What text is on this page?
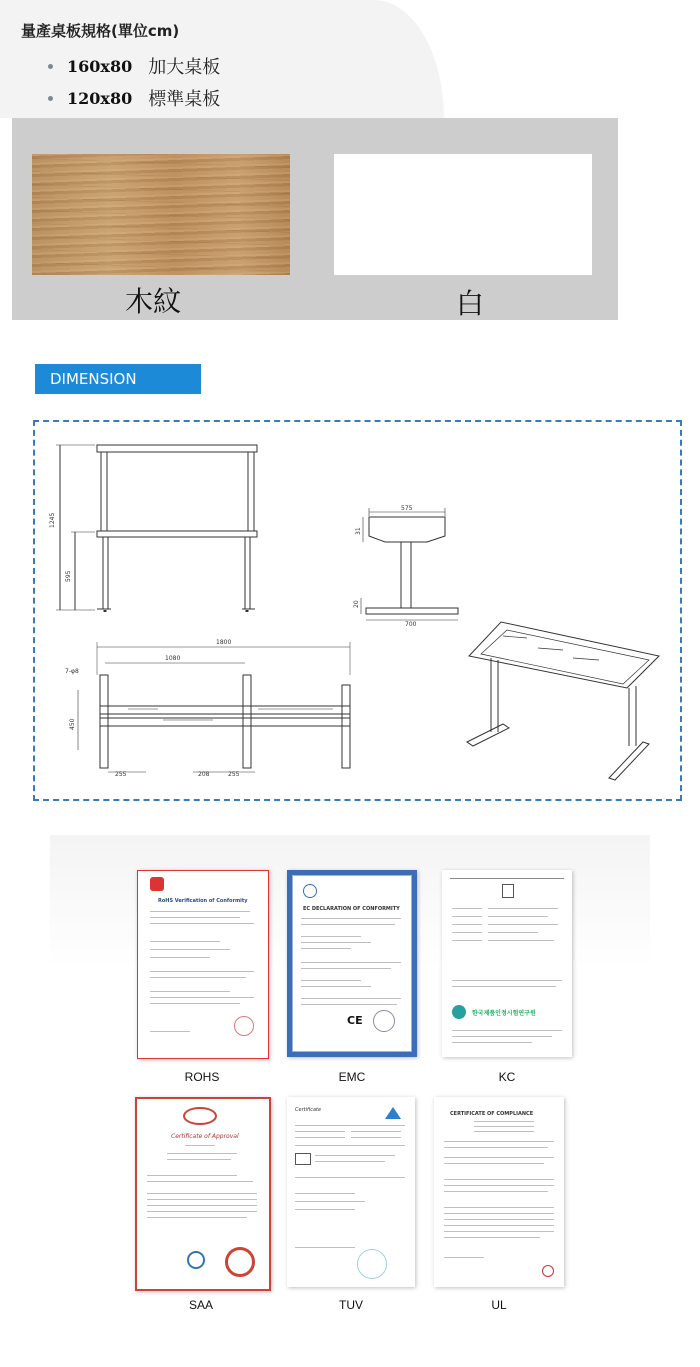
量產桌板規格(單位cm)
160x80 加大桌板
120x80 標準桌板
木紋	白
DIMENSION
1245
595
575
31
20
700
1800
1080
7-φ8
450
255	208	255
RoHS Verification of Conformity
ROHS
EC DECLARATION OF CONFORMITY
CE
EMC
한국제품인정시험연구원
KC
Certificate of Approval
SAA
Certificate
TUV
CERTIFICATE OF COMPLIANCE
UL
